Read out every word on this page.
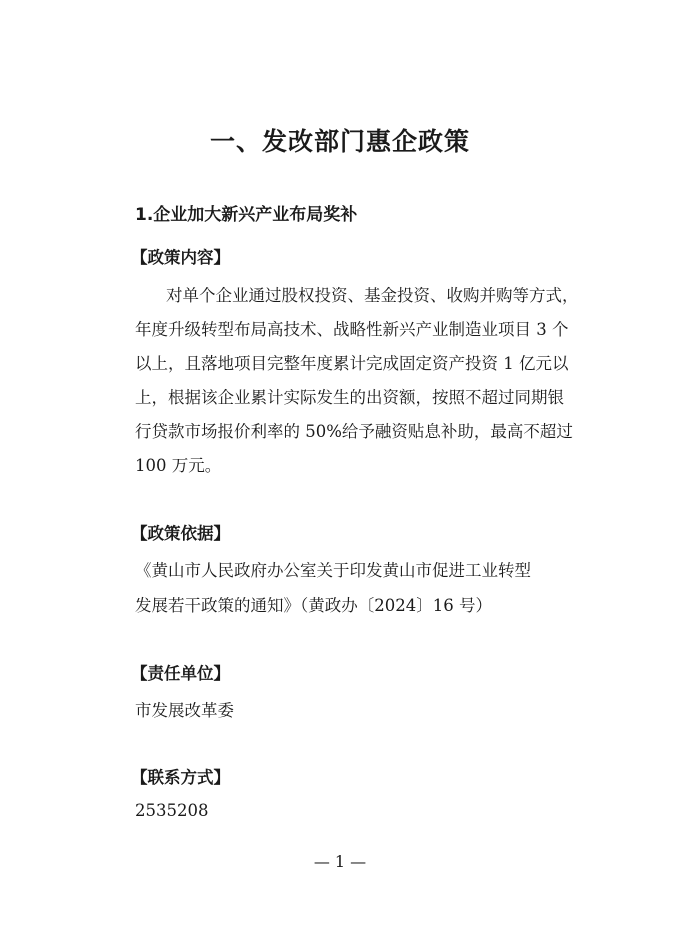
一、发改部门惠企政策
1.企业加大新兴产业布局奖补
【政策内容】
对单个企业通过股权投资、基金投资、收购并购等方式，
年度升级转型布局高技术、战略性新兴产业制造业项目 3 个
以上，且落地项目完整年度累计完成固定资产投资 1 亿元以
上，根据该企业累计实际发生的出资额，按照不超过同期银
行贷款市场报价利率的 50%给予融资贴息补助，最高不超过
100 万元。
【政策依据】
《黄山市人民政府办公室关于印发黄山市促进工业转型
发展若干政策的通知》（黄政办〔2024〕16 号）
【责任单位】
市发展改革委
【联系方式】
2535208
— 1 —
